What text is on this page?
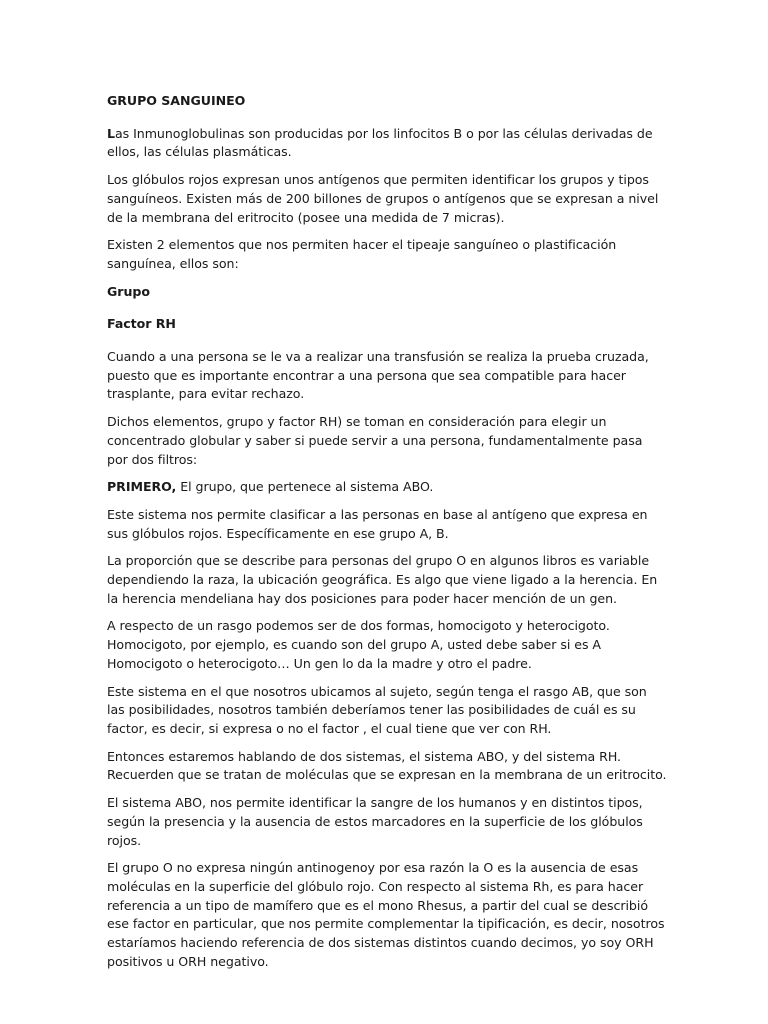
GRUPO SANGUINEO

Las Inmunoglobulinas son producidas por los linfocitos B o por las células derivadas de ellos, las células plasmáticas.

Los glóbulos rojos expresan unos antígenos que permiten identificar los grupos y tipos sanguíneos. Existen más de 200 billones de grupos o antígenos que se expresan a nivel de la membrana del eritrocito (posee una medida de 7 micras).

Existen 2 elementos que nos permiten hacer el tipeaje sanguíneo o plastificación sanguínea, ellos son:

Grupo

Factor RH

Cuando a una persona se le va a realizar una transfusión se realiza la prueba cruzada, puesto que es importante encontrar a una persona que sea compatible para hacer trasplante, para evitar rechazo.

Dichos elementos, grupo y factor RH) se toman en consideración para elegir un concentrado globular y saber si puede servir a una persona, fundamentalmente pasa por dos filtros:

PRIMERO, El grupo, que pertenece al sistema ABO.

Este sistema nos permite clasificar a las personas en base al antígeno que expresa en sus glóbulos rojos. Específicamente en ese grupo A, B.

La proporción que se describe para personas del grupo O en algunos libros es variable dependiendo la raza, la ubicación geográfica. Es algo que viene ligado a la herencia. En la herencia mendeliana hay dos posiciones para poder hacer mención de un gen.

A respecto de un rasgo podemos ser de dos formas, homocigoto y heterocigoto. Homocigoto, por ejemplo, es cuando son del grupo A, usted debe saber si es A Homocigoto o heterocigoto… Un gen lo da la madre y otro el padre.

Este sistema en el que nosotros ubicamos al sujeto, según tenga el rasgo AB, que son las posibilidades, nosotros también deberíamos tener las posibilidades de cuál es su factor, es decir, si expresa o no el factor , el cual tiene que ver con RH.

Entonces estaremos hablando de dos sistemas, el sistema ABO, y del sistema RH. Recuerden que se tratan de moléculas que se expresan en la membrana de un eritrocito.

El sistema ABO, nos permite identificar la sangre de los humanos y en distintos tipos, según la presencia y la ausencia de estos marcadores en la superficie de los glóbulos rojos.

El grupo O no expresa ningún antinogenoy por esa razón la O es la ausencia de esas moléculas en la superficie del glóbulo rojo. Con respecto al sistema Rh, es para hacer referencia a un tipo de mamífero que es el mono Rhesus, a partir del cual se describió ese factor en particular, que nos permite complementar la tipificación, es decir, nosotros estaríamos haciendo referencia de dos sistemas distintos cuando decimos, yo soy ORH positivos u ORH negativo.
